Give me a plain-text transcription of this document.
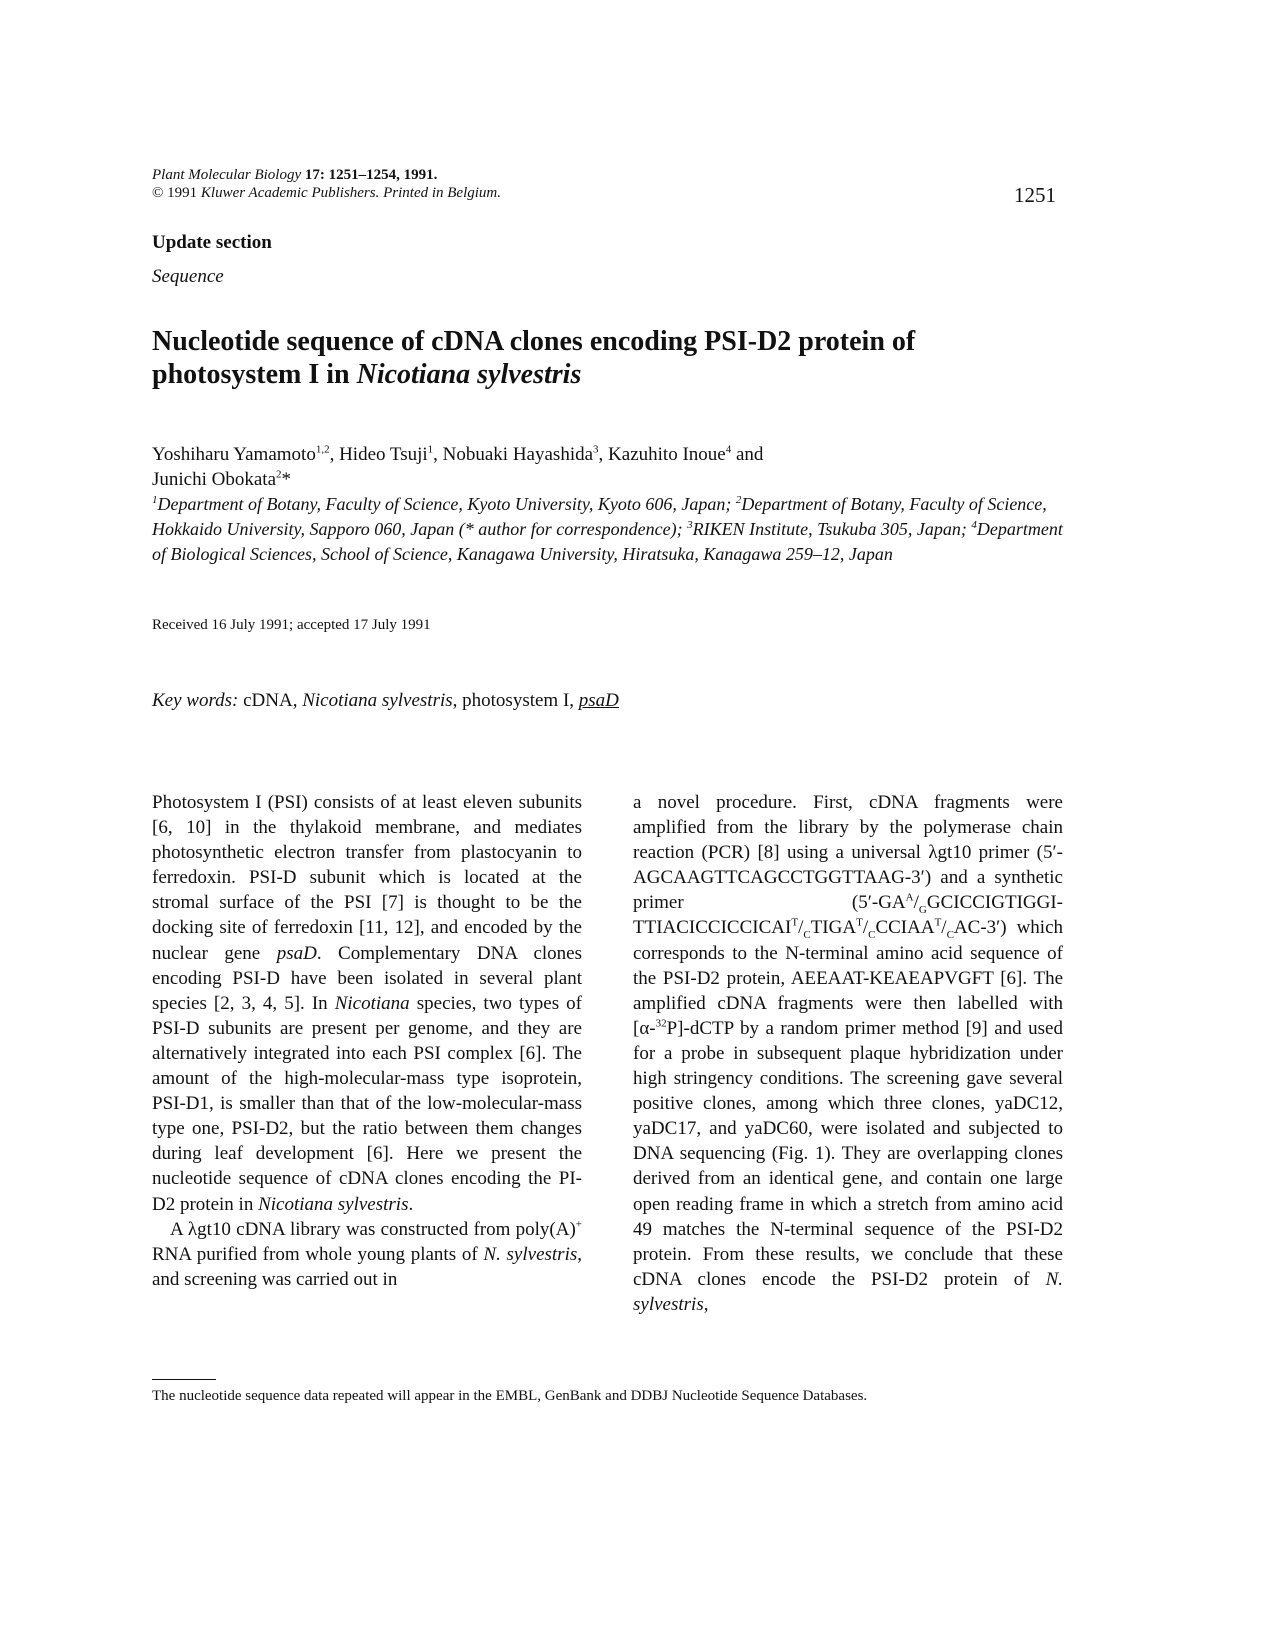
Plant Molecular Biology 17: 1251–1254, 1991.
© 1991 Kluwer Academic Publishers. Printed in Belgium.	1251
Update section
Sequence
Nucleotide sequence of cDNA clones encoding PSI-D2 protein of
photosystem I in Nicotiana sylvestris
Yoshiharu Yamamoto$^{1,2}$, Hideo Tsuji$^1$, Nobuaki Hayashida$^3$, Kazuhito Inoue$^4$ and
Junichi Obokata$^2$*
$^1$Department of Botany, Faculty of Science, Kyoto University, Kyoto 606, Japan; $^2$Department of Botany, Faculty of Science, Hokkaido University, Sapporo 060, Japan (* author for correspondence); $^3$RIKEN Institute, Tsukuba 305, Japan; $^4$Department of Biological Sciences, School of Science, Kanagawa University, Hiratsuka, Kanagawa 259–12, Japan
Received 16 July 1991; accepted 17 July 1991
Key words: cDNA, Nicotiana sylvestris, photosystem I, psaD

Photosystem I (PSI) consists of at least eleven subunits [6, 10] in the thylakoid membrane, and mediates photosynthetic electron transfer from plastocyanin to ferredoxin. PSI-D subunit which is located at the stromal surface of the PSI [7] is thought to be the docking site of ferredoxin [11, 12], and encoded by the nuclear gene psaD. Complementary DNA clones encoding PSI-D have been isolated in several plant species [2, 3, 4, 5]. In Nicotiana species, two types of PSI-D subunits are present per genome, and they are alternatively integrated into each PSI complex [6]. The amount of the high-molecular-mass type isoprotein, PSI-D1, is smaller than that of the low-molecular-mass type one, PSI-D2, but the ratio between them changes during leaf development [6]. Here we present the nucleotide sequence of cDNA clones encoding the PI-D2 protein in Nicotiana sylvestris.

A λgt10 cDNA library was constructed from poly(A)+ RNA purified from whole young plants of N. sylvestris, and screening was carried out in

a novel procedure. First, cDNA fragments were amplified from the library by the polymerase chain reaction (PCR) [8] using a universal λgt10 primer (5′-AGCAAGTTCAGCCTGGTTAAG-3′) and a synthetic primer $(5'-GA^A/_GGCICCIGTIGGI-TTIACICCICCICAI^T/_CTIGA^T/_CCCIAA^T/_CAC-3')$ which corresponds to the N-terminal amino acid sequence of the PSI-D2 protein, AEEAAT-KEAEAPVGFT [6]. The amplified cDNA fragments were then labelled with [α-$^{32}$P]-dCTP by a random primer method [9] and used for a probe in subsequent plaque hybridization under high stringency conditions. The screening gave several positive clones, among which three clones, yaDC12, yaDC17, and yaDC60, were isolated and subjected to DNA sequencing (Fig. 1). They are overlapping clones derived from an identical gene, and contain one large open reading frame in which a stretch from amino acid 49 matches the N-terminal sequence of the PSI-D2 protein. From these results, we conclude that these cDNA clones encode the PSI-D2 protein of N. sylvestris,

The nucleotide sequence data repeated will appear in the EMBL, GenBank and DDBJ Nucleotide Sequence Databases.
